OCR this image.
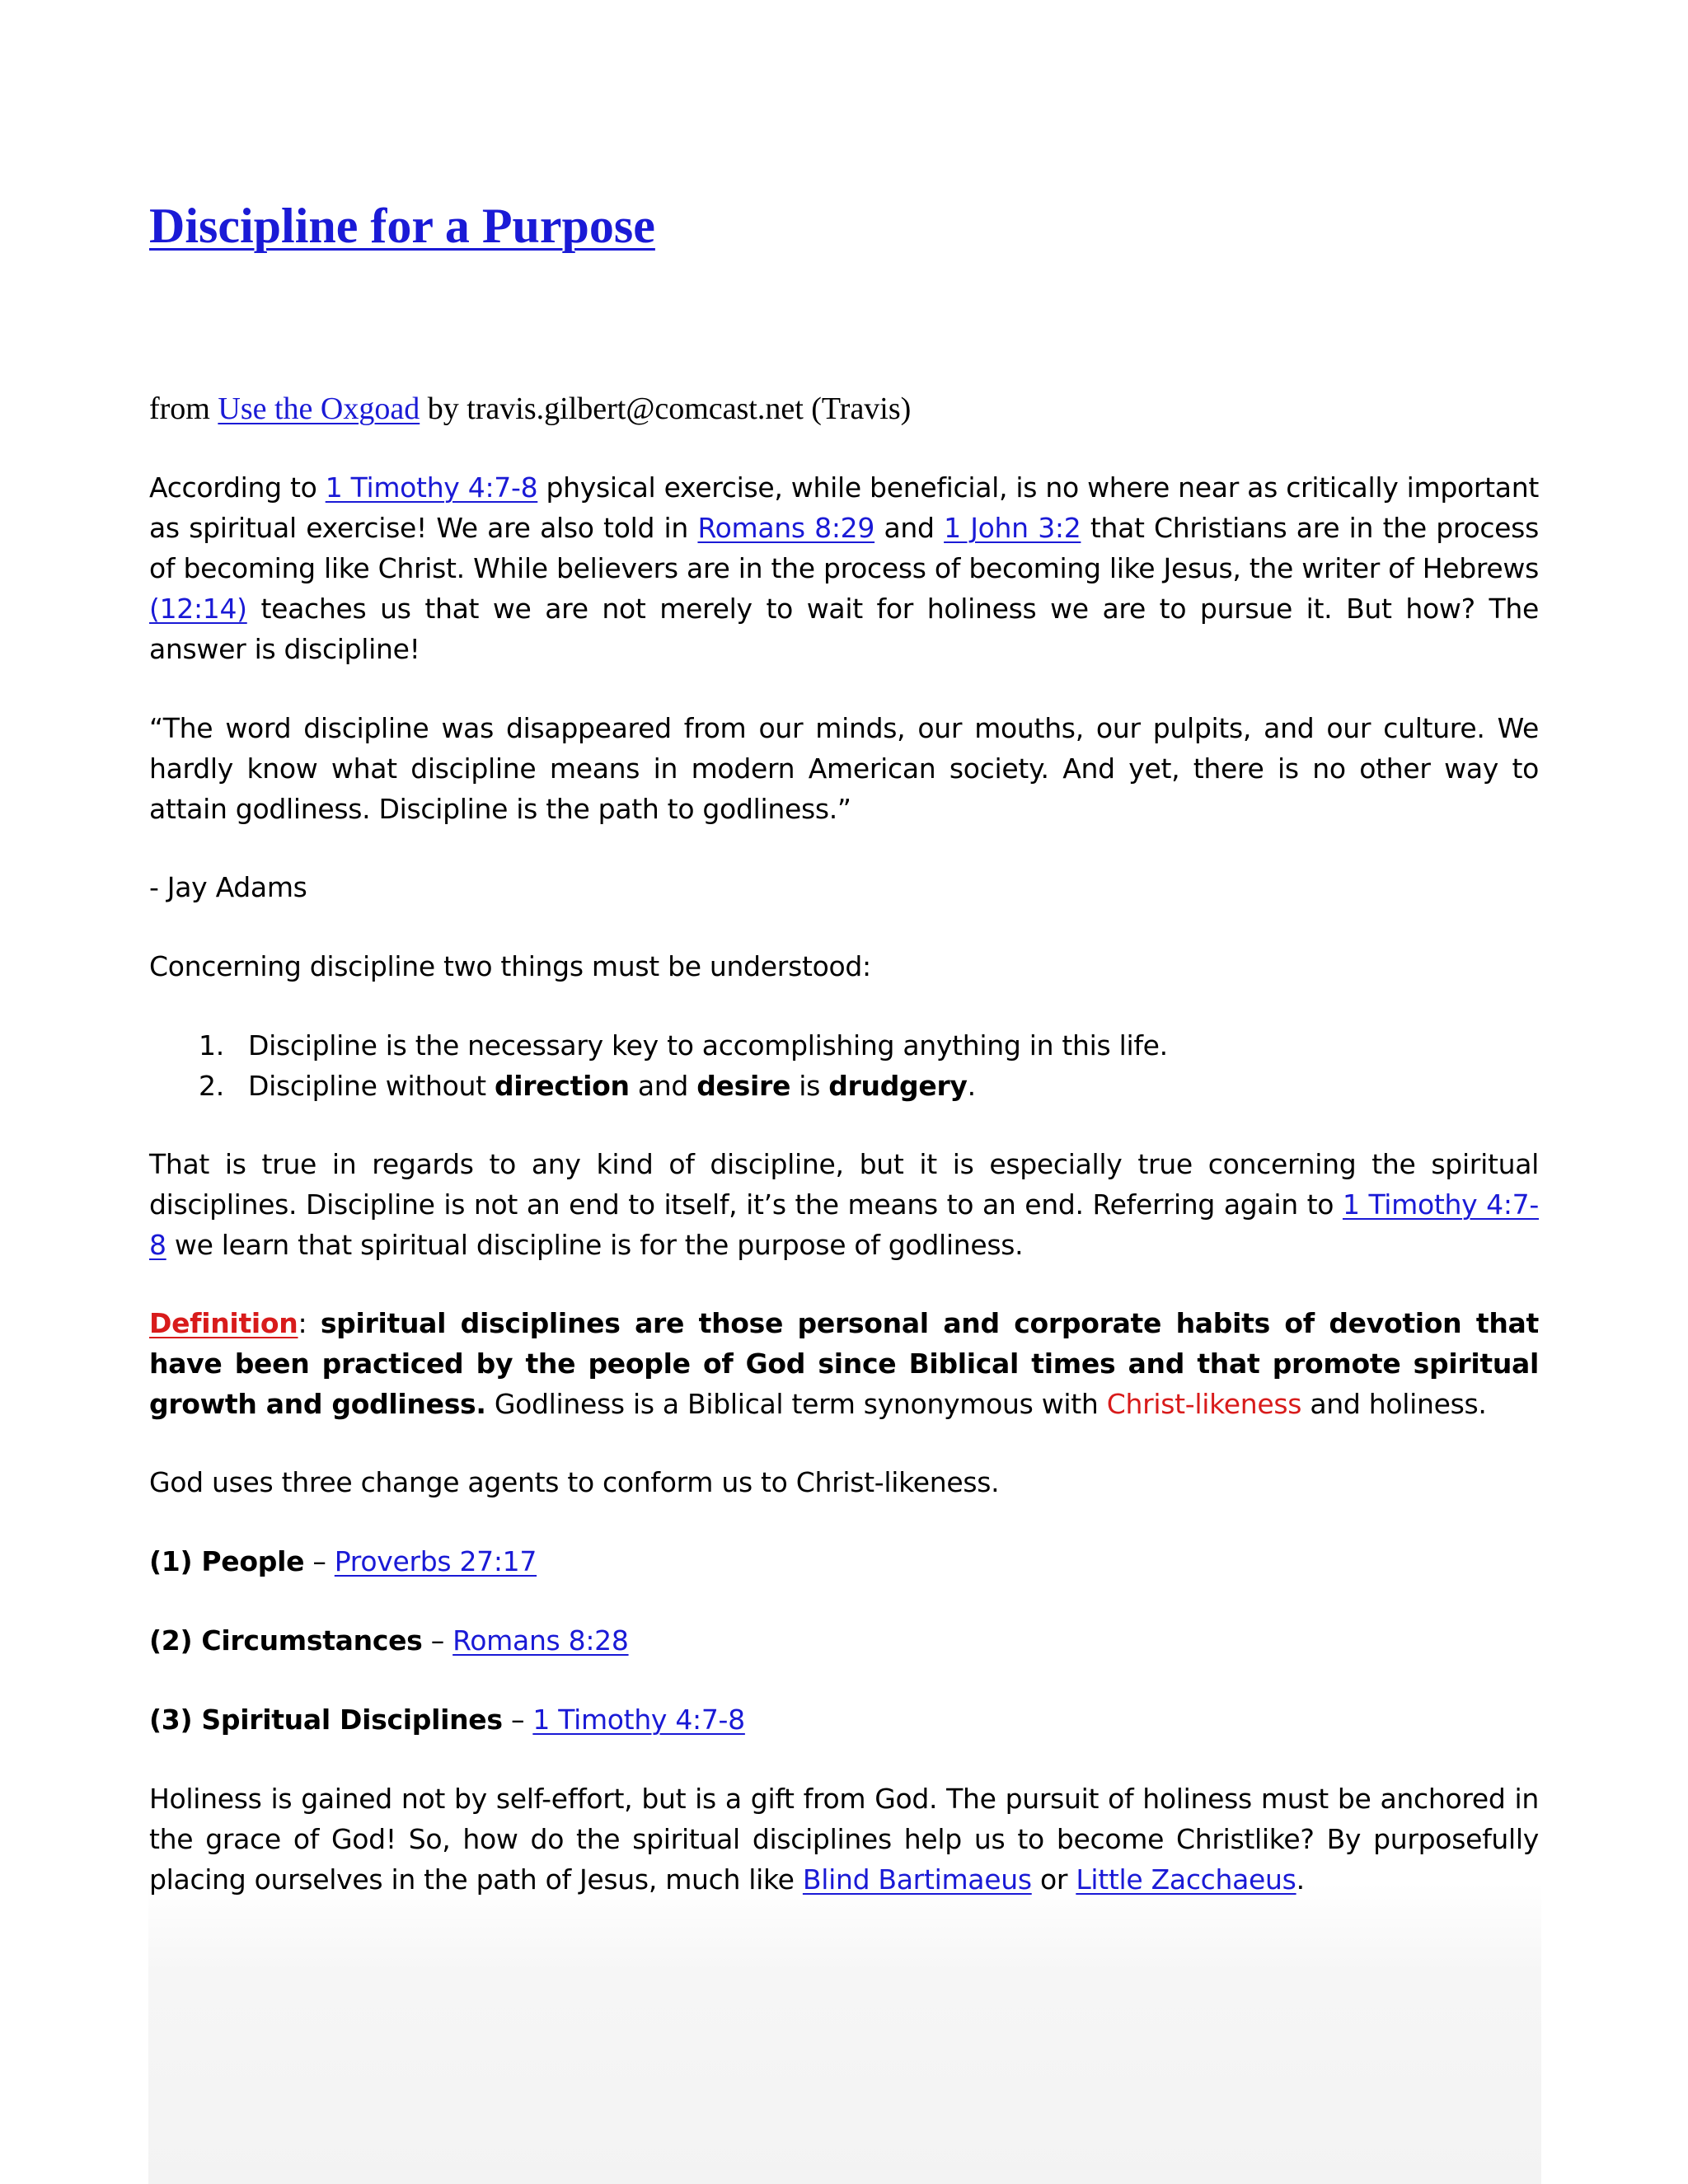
Discipline for a Purpose

from Use the Oxgoad by travis.gilbert@comcast.net (Travis)

According to 1 Timothy 4:7-8 physical exercise, while beneficial, is no where near as critically important as spiritual exercise! We are also told in Romans 8:29 and 1 John 3:2 that Christians are in the process of becoming like Christ. While believers are in the process of becoming like Jesus, the writer of Hebrews (12:14) teaches us that we are not merely to wait for holiness we are to pursue it. But how? The answer is discipline!

“The word discipline was disappeared from our minds, our mouths, our pulpits, and our culture. We hardly know what discipline means in modern American society. And yet, there is no other way to attain godliness. Discipline is the path to godliness.”

- Jay Adams

Concerning discipline two things must be understood:

1. Discipline is the necessary key to accomplishing anything in this life.
2. Discipline without direction and desire is drudgery.

That is true in regards to any kind of discipline, but it is especially true concerning the spiritual disciplines. Discipline is not an end to itself, it’s the means to an end. Referring again to 1 Timothy 4:7-8 we learn that spiritual discipline is for the purpose of godliness.

Definition: spiritual disciplines are those personal and corporate habits of devotion that have been practiced by the people of God since Biblical times and that promote spiritual growth and godliness. Godliness is a Biblical term synonymous with Christ-likeness and holiness.

God uses three change agents to conform us to Christ-likeness.

(1) People – Proverbs 27:17

(2) Circumstances – Romans 8:28

(3) Spiritual Disciplines – 1 Timothy 4:7-8

Holiness is gained not by self-effort, but is a gift from God. The pursuit of holiness must be anchored in the grace of God! So, how do the spiritual disciplines help us to become Christlike? By purposefully placing ourselves in the path of Jesus, much like Blind Bartimaeus or Little Zacchaeus.
